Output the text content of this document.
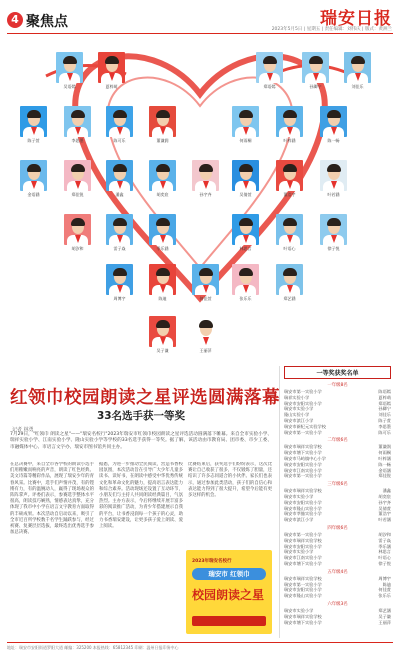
4 聚焦点	瑞安日报
2023年5月5日 | 星期五 | 责任编辑：刘伟庆 | 版式：黄洲兰
吴语嫣	夏梓萌	郑语嫣	孙卿宁	刘佳乐
陈子萱	李思墨	陈可乐	董谦润	何雨桐	叶梓涵	陈一畅
金语涵	郑佳锐	潘鑫	胡奕宸	孙宇齐	吴倩萱	董浩宇	叶若涵
胡汐和	雷子焱	季乐涵	林思言	叶语心	徐子悦
周博宇	陈迪	何佳萱	张乐乐	郑艺涵
吴子谦	王丽萍
红领巾校园朗读之星评选圆满落幕
33名选手获一等奖
记者 林勇
7月29日，"红领巾 朗读之星"——"瑞安名校行"2023年瑞安市红领巾校园朗读之星评选活动圆满落下帷幕。来自全市实验小学、瑞祥实验小学、江南实验小学、隆山实验小学等学校的33名选手获得一等奖。据了解，该活动由市教育局、团市委、市少工委、市融媒体中心、市语言文字办、瑞安市图书馆共同主办。
在总决赛中，来自全市各学校的朗读小选手们用稚嫩而响亮的声音，朗读了红色经典、美文诗篇等精彩作品，展现了瑞安少年的青春风采。比赛中，选手们声情并茂，有的铿锵有力，有的温婉动人，赢得了现场观众的阵阵掌声。评委们表示，参赛选手整体水平很高，朗读技巧娴熟，情感表达真挚，充分体现了我市中小学在语言文字教育方面取得的丰硕成果。本次活动自启动以来，吸引了全市近百所学校数千名学生踊跃参与，经过初赛、复赛层层选拔，最终选出优秀选手参加总决赛。
据悉，为进一步推动全民阅读，营造书香校园氛围，本次活动旨在引导广大少年儿童多读书、读好书，在朗读中感受中华优秀传统文化和革命文化的魅力，提高语言表达能力和综合素养。活动现场还设置了互动环节，小朋友们与主持人共同朗读经典篇目，气氛热烈。主办方表示，今后将继续开展丰富多彩的阅读推广活动，为青少年搭建展示自我的平台，让书香浸润每一个孩子的心灵，助力书香瑞安建设，让更多孩子爱上朗读、爱上阅读。
比赛结束后，获奖选手们纷纷表示，这次比赛让自己收获了很多，不仅锻炼了胆量，还结识了许多志同道合的小伙伴。家长们也表示，通过参加此类活动，孩子们的自信心和表达能力得到了很大提升，希望今后能有更多这样的机会。
2023年瑞安名校行
瑞安市 红领巾
校园朗读之星
一等奖获奖名单
一年级8名
瑞安市第一实验小学	陈语嫣
瑞祥实验小学	夏梓萌
瑞安市安阳实验小学	郑语嫣
瑞安市实验小学	孙卿宁
隆山实验小学	刘佳乐
瑞安市滨江小学	陈子萱
瑞安市新纪元实验学校	李思墨
瑞安市第一实验小学	陈可乐
二年级6名
瑞安市瑞祥实验学校	董谦润
瑞安市塘下实验小学	何雨桐
瑞安市马屿镇中心小学	叶梓涵
瑞安市安阳实验小学	陈一畅
瑞安市江南实验小学	金语涵
瑞安市第一实验小学	郑佳锐
三年级6名
瑞安市瑞祥实验学校	潘鑫
瑞安市实验小学	胡奕宸
瑞安市安阳实验小学	孙宇齐
瑞安市隆山实验小学	吴倩萱
瑞安市莘塍实验小学	董浩宇
瑞安市滨江小学	叶若涵
四年级6名
瑞安市第一实验小学	胡汐和
瑞安市瑞祥实验学校	雷子焱
瑞安市安阳实验小学	季乐涵
瑞安市实验小学	林思言
瑞安市江南实验小学	叶语心
瑞安市塘下实验小学	徐子悦
五年级4名
瑞安市瑞祥实验学校	周博宇
瑞安市第一实验小学	陈迪
瑞安市安阳实验小学	何佳萱
瑞安市隆山实验小学	张乐乐
六年级3名
瑞安市实验小学	郑艺涵
瑞安市瑞祥实验学校	吴子谦
瑞安市塘下实验小学	王丽萍
地址：瑞安市安阳街道罗阳大道 邮编：325200 本报热线：65812345 印刷：温州日报印务中心
